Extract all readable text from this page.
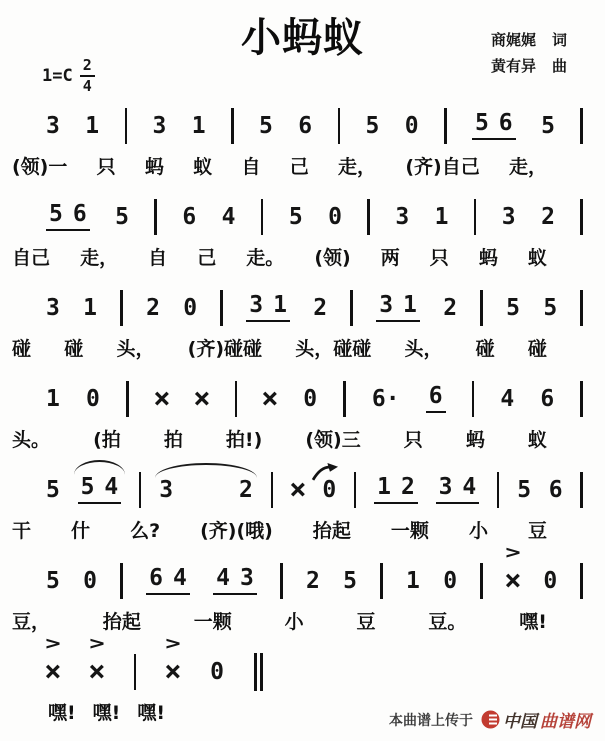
小蚂蚁	商娓娓 词
黄有异 曲
$1=C \frac{2}{4}$
3 1 3 1 5 6 5 0 5 6 5
(领)一 只 蚂 蚁 自 己 走， (齐)自己 走，
5 6 5 6 4 5 0 3 1 3 2
自己 走， 自 己 走。 (领) 两 只 蚂 蚁
3 1 2 0 3 1 2 3 1 2 5 5
碰 碰 头， (齐)碰碰 头，碰碰 头， 碰 碰
1 0 × × × 0 6· 6	4 6
头。 (拍 拍 拍!) (领)三 只 蚂 蚁
5 5 4 3	2 × 0 1 2 3 4 5 6
干 什 么? (齐)(哦) 抬起 一颗 小 豆
5 0 6 4 4 3 2 5 1 0 ×
>
0
豆，	抬起	一颗	小	豆	豆。	嘿!
×
>
×
>
×
>
0
嘿! 嘿! 嘿!	本曲谱上传于 中国 曲谱网
